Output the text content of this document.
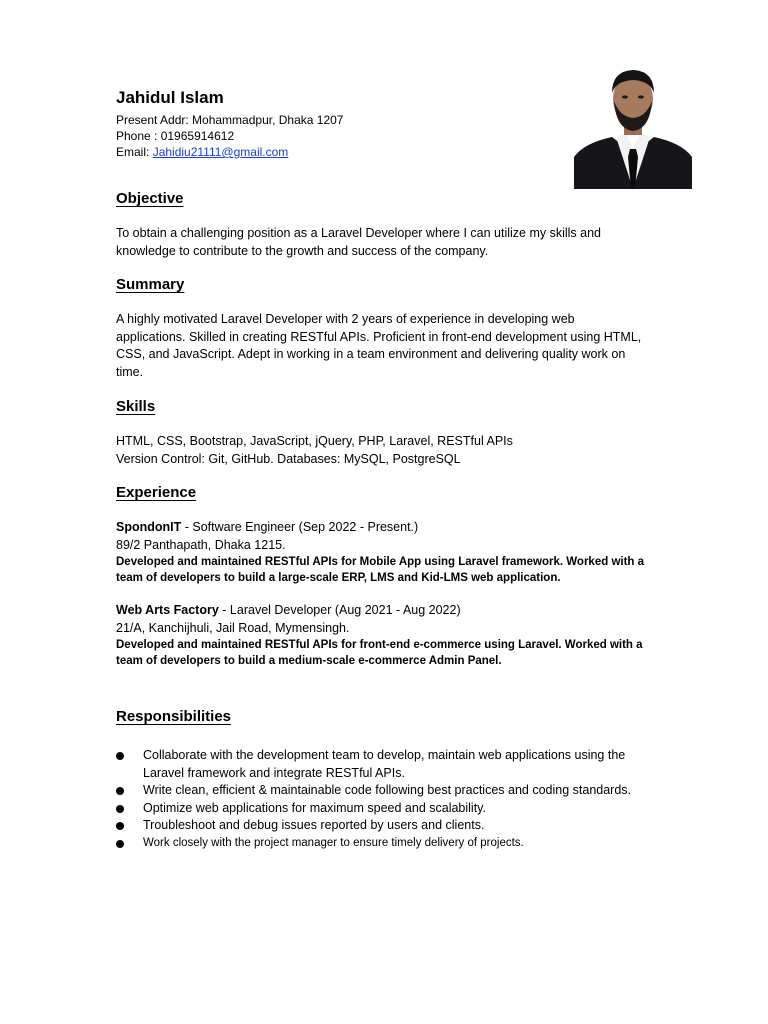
Jahidul Islam
Present Addr: Mohammadpur, Dhaka 1207
Phone : 01965914612
Email: Jahidiu21111@gmail.com
Objective

To obtain a challenging position as a Laravel Developer where I can utilize my skills and knowledge to contribute to the growth and success of the company.

Summary

A highly motivated Laravel Developer with 2 years of experience in developing web applications. Skilled in creating RESTful APIs. Proficient in front-end development using HTML, CSS, and JavaScript. Adept in working in a team environment and delivering quality work on time.

Skills

HTML, CSS, Bootstrap, JavaScript, jQuery, PHP, Laravel, RESTful APIs

Version Control: Git, GitHub. Databases: MySQL, PostgreSQL

Experience

SpondonIT - Software Engineer (Sep 2022 - Present.)

89/2 Panthapath, Dhaka 1215.

Developed and maintained RESTful APIs for Mobile App using Laravel framework. Worked with a team of developers to build a large-scale ERP, LMS and Kid-LMS web application.

Web Arts Factory - Laravel Developer (Aug 2021 - Aug 2022)

21/A, Kanchijhuli, Jail Road, Mymensingh.

Developed and maintained RESTful APIs for front-end e-commerce using Laravel. Worked with a team of developers to build a medium-scale e-commerce Admin Panel.

Responsibilities
Collaborate with the development team to develop, maintain web applications using the Laravel framework and integrate RESTful APIs.
Write clean, efficient & maintainable code following best practices and coding standards.
Optimize web applications for maximum speed and scalability.
Troubleshoot and debug issues reported by users and clients.
Work closely with the project manager to ensure timely delivery of projects.
